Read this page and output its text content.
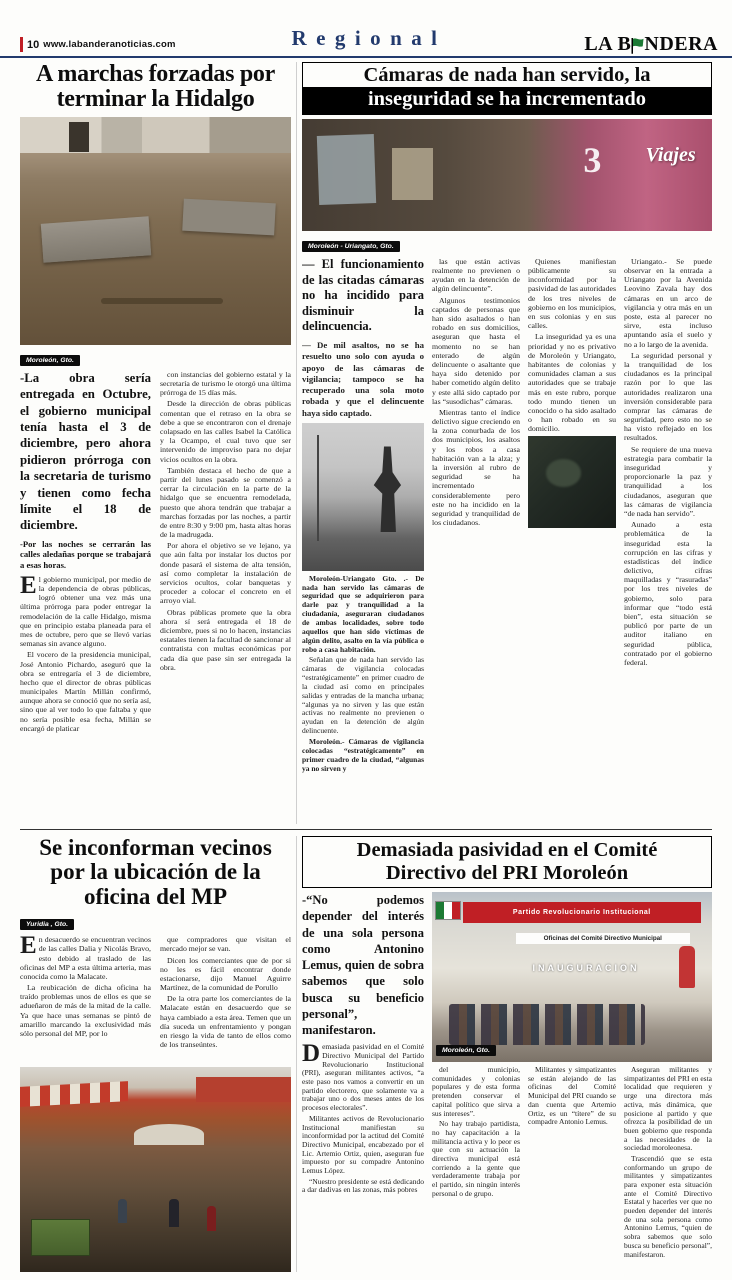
10 www.labanderanoticias.com	Regional	LA B NDERA
A marchas forzadas por terminar la Hidalgo
Moroleón, Gto.

-La obra sería entregada en Octubre, el gobierno municipal tenía hasta el 3 de diciembre, pero ahora pidieron prórroga con la secretaria de turismo y tienen como fecha límite el 18 de diciembre.

-Por las noches se cerrarán las calles aledañas porque se trabajará a esas horas.

El gobierno municipal, por medio de la dependencia de obras públicas, logró obtener una vez más una última prórroga para poder entregar la remodelación de la calle Hidalgo, misma que en principio estaba planeada para el mes de octubre, pero que se llevó varias semanas sin avance alguno.

El vocero de la presidencia municipal, José Antonio Pichardo, aseguró que la obra se entregaría el 3 de diciembre, hecho que el director de obras públicas municipales Martín Millán confirmó, aunque ahora se conoció que no sería así, sino que al ver todo lo que faltaba y que no sería posible esa fecha, Millán se encargó de platicar

con instancias del gobierno estatal y la secretaría de turismo le otorgó una última prórroga de 15 días más.

Desde la dirección de obras públicas comentan que el retraso en la obra se debe a que se encontraron con el drenaje colapsado en las calles Isabel la Católica y la Ocampo, el cual tuvo que ser intervenido de improviso para no dejar vicios ocultos en la obra.

También destaca el hecho de que a partir del lunes pasado se comenzó a cerrar la circulación en la parte de la hidalgo que se encuentra remodelada, puesto que ahora tendrán que trabajar a marchas forzadas por las noches, a partir de entre 8:30 y 9:00 pm, hasta altas horas de la madrugada.

Por ahora el objetivo se ve lejano, ya que aún falta por instalar los ductos por donde pasará el sistema de alta tensión, así como completar la instalación de servicios ocultos, colar banquetas y proceder a colocar el concreto en el arroyo vial.

Obras públicas promete que la obra ahora sí será entregada el 18 de diciembre, pues si no lo hacen, instancias estatales tienen la facultad de sancionar al contratista con multas económicas por cada día que pase sin ser entregada la obra.

Cámaras de nada han servido, la
inseguridad se ha incrementado
3 Viajes
Moroleón - Uriangato, Gto.

— El funcionamiento de las citadas cámaras no ha incidido para disminuir la delincuencia.

— De mil asaltos, no se ha resuelto uno solo con ayuda o apoyo de las cámaras de vigilancia; tampoco se ha recuperado una sola moto robada y que el delincuente haya sido captado.

Moroleón-Uriangato Gto. .- De nada han servido las cámaras de seguridad que se adquirieron para darle paz y tranquilidad a la ciudadanía, aseguraran ciudadanos de ambas localidades, sobre todo aquellos que han sido víctimas de algún delito, asalto en la vía pública o robo a casa habitación.

Señalan que de nada han servido las cámaras de vigilancia colocadas “estratégicamente” en primer cuadro de la ciudad así como en principales salidas y entradas de la mancha urbana; “algunas ya no sirven y las que están activas no realmente no previenen o ayudan en la detención de algún delincuente.

Moroleón.- Cámaras de vigilancia colocadas “estratégicamente” en primer cuadro de la ciudad, “algunas ya no sirven y

las que están activas realmente no previenen o ayudan en la detención de algún delincuente”.

Algunos testimonios captados de personas que han sido asaltados o han robado en sus domicilios, aseguran que hasta el momento no se han enterado de algún delincuente o asaltante que haya sido detenido por haber cometido algún delito y este allá sido captado por las “susodichas” cámaras.

Mientras tanto el índice delictivo sigue creciendo en la zona conurbada de los dos municipios, los asaltos y los robos a casa habitación van a la alza; y la inversión al rubro de seguridad se ha incrementado considerablemente pero este no ha incidido en la seguridad y tranquilidad de los ciudadanos.

Quienes manifiestan públicamente su inconformidad por la pasividad de las autoridades de los tres niveles de gobierno en los municipios, en sus colonias y en sus calles.

La inseguridad ya es una prioridad y no es privativo de Moroleón y Uriangato, habitantes de colonias y comunidades claman a sus autoridades que se trabaje más en este rubro, porque todo mundo tienen un conocido o ha sido asaltado o han robado en su domicilio.

Uriangato.- Se puede observar en la entrada a Uriangato por la Avenida Leovino Zavala hay dos cámaras en un arco de vigilancia y otra más en un poste, esta al parecer no sirve, esta incluso apuntando asía el suelo y no a lo largo de la avenida.

La seguridad personal y la tranquilidad de los ciudadanos es la principal razón por lo que las autoridades realizaron una inversión considerable para comprar las cámaras de seguridad, pero esto no se ha visto reflejado en los resultados.

Se requiere de una nueva estrategia para combatir la inseguridad y proporcionarle la paz y tranquilidad a los ciudadanos, aseguran que las cámaras de vigilancia “de nada han servido”.

Aunado a esta problemática de la inseguridad esta la corrupción en las cifras y estadísticas del índice delictivo, cifras maquilladas y “rasuradas” por los tres niveles de gobierno, solo para informar que “todo está bien”, esta situación se publicó por parte de un auditor italiano en seguridad pública, contratado por el gobierno federal.

Se inconforman vecinos por la ubicación de la oficina del MP
Yuridia , Gto.

En desacuerdo se encuentran vecinos de las calles Dalia y Nicolás Bravo, esto debido al traslado de las oficinas del MP a esta última arteria, mas conocida como la Malacate.

La reubicación de dicha oficina ha traído problemas unos de ellos es que se adueñaron de más de la mitad de la calle. Ya que hace unas semanas se pintó de amarillo marcando la exclusividad más sólo personal del MP, por lo

que compradores que visitan el mercado mejor se van.

Dicen los comerciantes que de por si no les es fácil encontrar donde estacionarse, dijo Manuel Aguirre Martínez, de la comunidad de Porullo

De la otra parte los comerciantes de la Malacate están en desacuerdo que se haya cambiado a esta área. Temen que un día suceda un enfrentamiento y pongan en riesgo la vida de tanto de ellos como de los transeúntes.

Demasiada pasividad en el Comité
Directivo del PRI Moroleón

-“No podemos depender del interés de una sola persona como Antonino Lemus, quien de sobra sabemos que solo busca su beneficio personal”, manifestaron.

Demasiada pasividad en el Comité Directivo Municipal del Partido Revolucionario Institucional (PRI), aseguran militantes activos, “a este paso nos vamos a convertir en un partido electorero, que solamente va a trabajar uno o dos meses antes de los procesos electorales”.

Militantes activos de Revolucionario Institucional manifiestan su inconformidad por la actitud del Comité Directivo Municipal, encabezado por el Lic. Artemio Ortiz, quien, aseguran fue impuesto por su compadre Antonino Lemus López.

“Nuestro presidente se está dedicando a dar dadivas en las zonas, más pobres

Partido Revolucionario Institucional
Oficinas del Comité Directivo Municipal
INAUGURACION
Moroleón, Gto.

del municipio, comunidades y colonias populares y de esta forma pretenden conservar el capital político que sirva a sus intereses”.

No hay trabajo partidista, no hay capacitación a la militancia activa y lo peor es que con su actuación la directiva municipal está corriendo a la gente que verdaderamente trabaja por el partido, sin ningún interés personal o de grupo.

Militantes y simpatizantes se están alejando de las oficinas del Comité Municipal del PRI cuando se dan cuenta que Artemio Ortiz, es un “títere” de su compadre Antonio Lemus.

Aseguran militantes y simpatizantes del PRI en esta localidad que requieren y urge una directora más activa, más dinámica, que posicione al partido y que ofrezca la posibilidad de un buen gobierno que responda a las necesidades de la sociedad moroleonesa.

Trascendió que se esta conformando un grupo de militantes y simpatizantes para exponer esta situación ante el Comité Directivo Estatal y hacerles ver que no pueden depender del interés de una sola persona como Antonino Lemus, “quien de sobra sabemos que solo busca su beneficio personal”, manifestaron.
